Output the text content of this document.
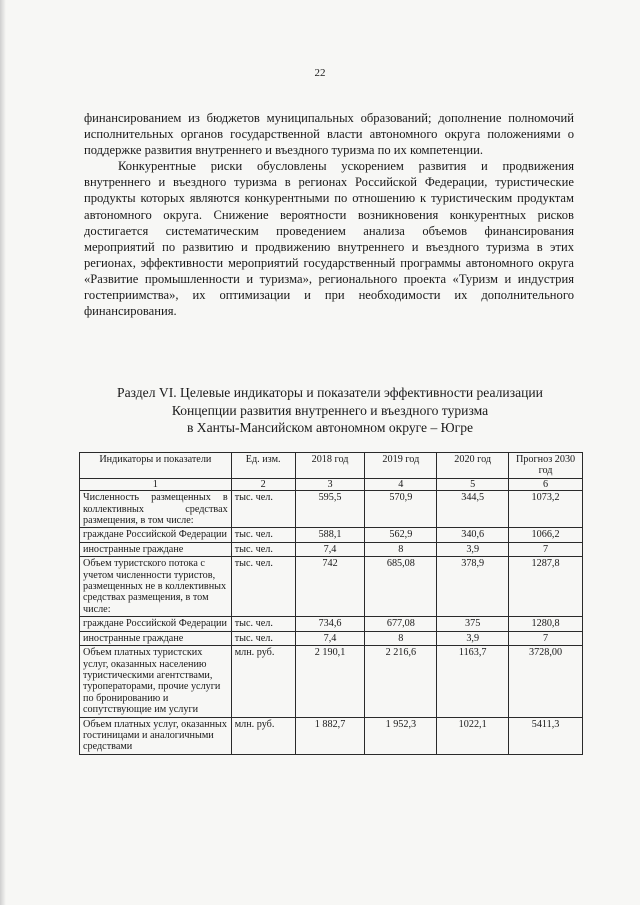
22

финансированием из бюджетов муниципальных образований; дополнение полномочий исполнительных органов государственной власти автономного округа положениями о поддержке развития внутреннего и въездного туризма по их компетенции.

Конкурентные риски обусловлены ускорением развития и продвижения внутреннего и въездного туризма в регионах Российской Федерации, туристические продукты которых являются конкурентными по отношению к туристическим продуктам автономного округа. Снижение вероятности возникновения конкурентных рисков достигается систематическим проведением анализа объемов финансирования мероприятий по развитию и продвижению внутреннего и въездного туризма в этих регионах, эффективности мероприятий государственный программы автономного округа «Развитие промышленности и туризма», регионального проекта «Туризм и индустрия гостеприимства», их оптимизации и при необходимости их дополнительного финансирования.

Раздел VI. Целевые индикаторы и показатели эффективности реализации
Концепции развития внутреннего и въездного туризма
в Ханты-Мансийском автономном округе – Югре
Индикаторы и показатели	Ед. изм.	2018 год	2019 год	2020 год	Прогноз 2030 год
1	2	3	4	5	6
Численность размещенных в коллективных средствах размещения, в том числе:	тыс. чел.	595,5	570,9	344,5	1073,2
граждане Российской Федерации	тыс. чел.	588,1	562,9	340,6	1066,2
иностранные граждане	тыс. чел.	7,4	8	3,9	7
Объем туристского потока с учетом численности туристов, размещенных не в коллективных средствах размещения, в том числе:	тыс. чел.	742	685,08	378,9	1287,8
граждане Российской Федерации	тыс. чел.	734,6	677,08	375	1280,8
иностранные граждане	тыс. чел.	7,4	8	3,9	7
Объем платных туристских услуг, оказанных населению туристическими агентствами, туроператорами, прочие услуги по бронированию и сопутствующие им услуги	млн. руб.	2 190,1	2 216,6	1163,7	3728,00
Объем платных услуг, оказанных гостиницами и аналогичными средствами	млн. руб.	1 882,7	1 952,3	1022,1	5411,3
